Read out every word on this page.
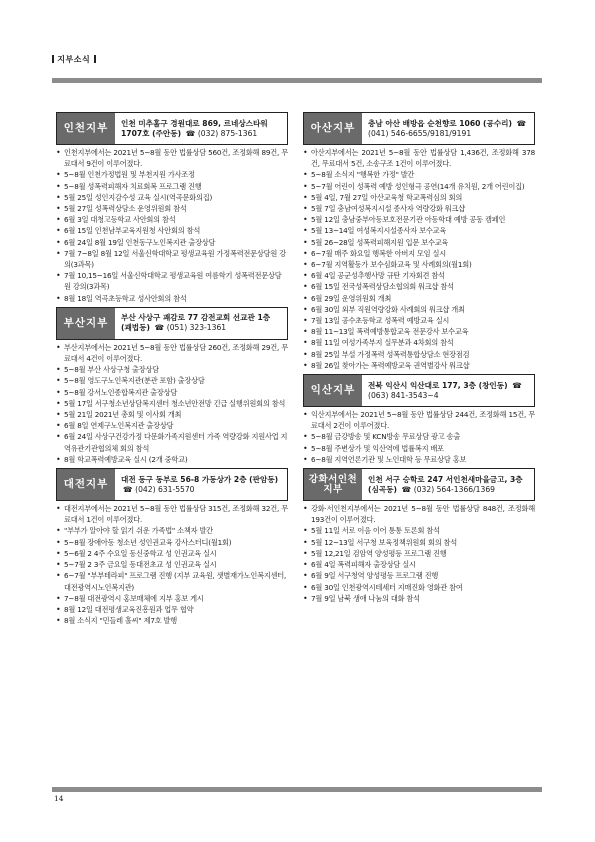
지부소식
인천지부	인천 미추홀구 경원대로 869, 르네상스타워 1707호 (주안동) ☎ (032) 875-1361
• 인천지부에서는 2021년 5~8월 동안 법률상담 560건, 조정화해 89건, 무료대서 9건이 이루어졌다.
• 5~8월 인천가정법원 및 부천지원 가사조정
• 5~8월 성폭력피해자 치료회복 프로그램 진행
• 5월 25일 성인지감수성 교육 실시(역곡문화의집)
• 5월 27일 성폭력상담소 운영위원회 참석
• 6월 3일 대청고등학교 사안회의 참석
• 6월 15일 인천남부교육지원청 사안회의 참석
• 6월 24일 8월 19일 인천동구노인복지관 출장상담
• 7월 7~8일 8월 12일 서울신학대학교 평생교육원 가정폭력전문상담원 강의(3과목)
• 7월 10,15~16일 서울신학대학교 평생교육원 여름학기 성폭력전문상담원 강의(3과목)
• 8월 18일 역곡초등학교 성사안회의 참석
부산지부	부산 사상구 괘감로 77 감전교회 선교관 1층 (괘법동) ☎ (051) 323-1361
• 부산지부에서는 2021년 5~8월 동안 법률상담 260건, 조정화해 29건, 무료대서 4건이 이루어졌다.
• 5~8월 부산 사상구청 출장상담
• 5~8월 영도구노인복지관(분관 포함) 출장상담
• 5~8월 강서노인종합복지관 출장상담
• 5월 17일 서구청소년상담복지센터 청소년안전망 긴급 실행위원회의 참석
• 5월 21일 2021년 총회 및 이사회 개최
• 6월 8일 연제구노인복지관 출장상담
• 6월 24일 사상구건강가정 다문화가족지원센터 가족 역량강화 지원사업 지역유관기관협의체 회의 참석
• 8월 학교폭력예방교육 실시 (2개 중학교)
대전지부	대전 동구 동부로 56-8 가동상가 2층 (판암동) ☎ (042) 631-5570
• 대전지부에서는 2021년 5~8월 동안 법률상담 315건, 조정화해 32건, 무료대서 1건이 이루어졌다.
• "부부가 알아야 할 읽기 쉬운 가족법" 소책자 발간
• 5~8월 장애아동 청소년 성인권교육 강사스터디(월1회)
• 5~6월 2 4주 수요일 동신중학교 성 인권교육 실시
• 5~7월 2 3주 금요일 동대전초교 성 인권교육 실시
• 6~7월 "부부테라피" 프로그램 진행 (지부 교육원, 샛별재가노인복지센터, 대전광역시노인복지관)
• 7~8월 대전광역시 홍보매체에 지부 홍보 게시
• 8월 12일 대전평생교육진흥원과 업무 협약
• 8월 소식지 "민들레 홀씨" 제7호 발행
아산지부	충남 아산 배방읍 순천향로 1060 (공수리) ☎ (041) 546-6655/9181/9191
• 아산지부에서는 2021년 5~8월 동안 법률상담 1,436건, 조정화해 378건, 무료대서 5건, 소송구조 1건이 이루어졌다.
• 5~8월 소식지 "행복한 가정" 발간
• 5~7월 어린이 성폭력 예방 성인형극 공연(14개 유치원, 2개 어린이집)
• 5월 4일, 7월 27일 아산교육청 학교폭력심의 회의
• 5월 7일 충남여성복지시설 종사자 역량강화 워크샵
• 5월 12일 충남중부아동보호전문기관 아동학대 예방 공동 캠페인
• 5월 13~14일 여성복지시설종사자 보수교육
• 5월 26~28일 성폭력피해지원 입문 보수교육
• 6~7월 매주 화요일 행복한 아버지 모임 실시
• 6~7월 지역활동가 보수심화교육 및 사례회의(월1회)
• 6월 4일 공군성추행사망 규탄 기자회견 참석
• 6월 15일 전국성폭력상담소협의회 워크샵 참석
• 6월 29일 운영위원회 개최
• 6월 30일 외부 직원역량강화 사례회의 워크샵 개최
• 7월 13일 공수초등학교 성폭력 예방교육 실시
• 8월 11~13일 폭력예방통합교육 전문강사 보수교육
• 8월 11일 여성가족부지 실무분과 4차회의 참석
• 8월 25일 부설 가정폭력 성폭력통합상담소 현장점검
• 8월 26일 찾아가는 폭력예방교육 권역별강사 워크샵
익산지부	전북 익산시 익산대로 177, 3층 (창인동) ☎ (063) 841-3543~4
• 익산지부에서는 2021년 5~8월 동안 법률상담 244건, 조정화해 15건, 무료대서 2건이 이루어졌다.
• 5~8월 금강방송 및 KCN방송 무료상담 광고 송출
• 5~8월 주변상가 및 익산역에 법률복지 배포
• 6~8월 지역언론기관 및 노인대학 등 무료상담 홍보
강화서인천지부
인천 서구 승학로 247 서인천새마을금고, 3층 (심곡동) ☎ (032) 564-1366/1369
• 강화·서인천지부에서는 2021년 5~8월 동안 법률상담 848건, 조정화해 193건이 이루어졌다.
• 5월 11일 서로 이음 이어 통통 토론회 참석
• 5월 12~13일 서구청 보육정책위원회 회의 참석
• 5월 12,21일 검암역 양성평등 프로그램 진행
• 6월 4일 폭력피해자 출장상담 실시
• 6월 9일 서구청역 양성평등 프로그램 진행
• 6월 30일 인천광역시테세터 지매진화 영화관 참여
• 7월 9일 남북 생애 나눔의 대화 참석
14
